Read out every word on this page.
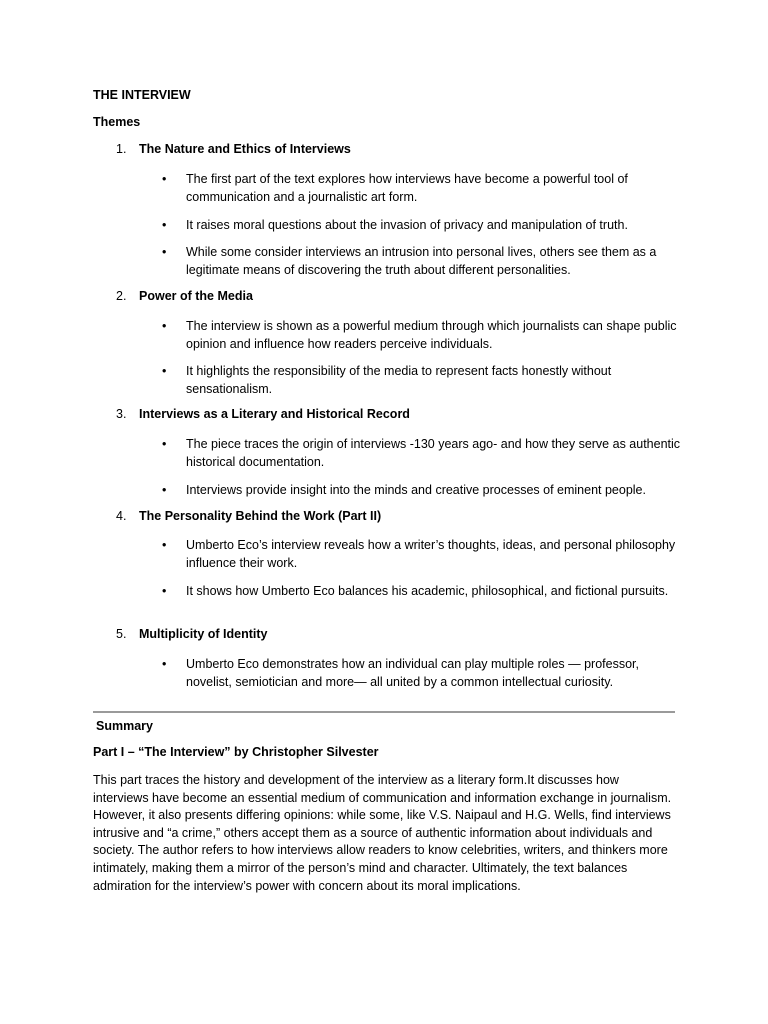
THE INTERVIEW
Themes
1. The Nature and Ethics of Interviews
• The first part of the text explores how interviews have become a powerful tool of communication and a journalistic art form.
• It raises moral questions about the invasion of privacy and manipulation of truth.
• While some consider interviews an intrusion into personal lives, others see them as a legitimate means of discovering the truth about different personalities.
2. Power of the Media
• The interview is shown as a powerful medium through which journalists can shape public opinion and influence how readers perceive individuals.
• It highlights the responsibility of the media to represent facts honestly without sensationalism.
3. Interviews as a Literary and Historical Record
• The piece traces the origin of interviews -130 years ago- and how they serve as authentic historical documentation.
• Interviews provide insight into the minds and creative processes of eminent people.
4. The Personality Behind the Work (Part II)
• Umberto Eco’s interview reveals how a writer’s thoughts, ideas, and personal philosophy influence their work.
• It shows how Umberto Eco balances his academic, philosophical, and fictional pursuits.
5. Multiplicity of Identity
• Umberto Eco demonstrates how an individual can play multiple roles — professor, novelist, semiotician and more— all united by a common intellectual curiosity.
Summary
Part I – “The Interview” by Christopher Silvester
This part traces the history and development of the interview as a literary form.It discusses how interviews have become an essential medium of communication and information exchange in journalism. However, it also presents differing opinions: while some, like V.S. Naipaul and H.G. Wells, find interviews intrusive and “a crime,” others accept them as a source of authentic information about individuals and society. The author refers to how interviews allow readers to know celebrities, writers, and thinkers more intimately, making them a mirror of the person’s mind and character. Ultimately, the text balances admiration for the interview’s power with concern about its moral implications.
